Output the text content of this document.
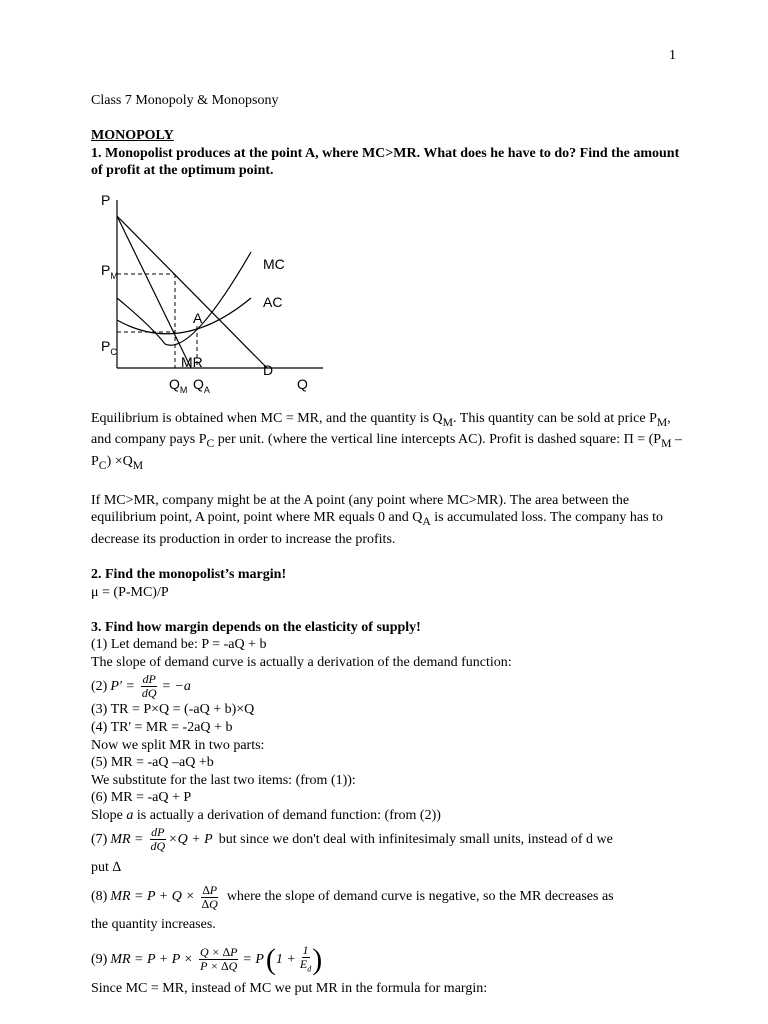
1

Class 7 Monopoly & Monopsony

MONOPOLY

1. Monopolist produces at the point A, where MC>MR. What does he have to do? Find the amount of profit at the optimum point.

P
$P_M$
$P_C$
MC
AC
A
MR	D
$Q_M$ $Q_A$	Q

Equilibrium is obtained when MC = MR, and the quantity is $Q_M$. This quantity can be sold at price $P_M$, and company pays $P_C$ per unit. (where the vertical line intercepts AC). Profit is dashed square: $\Pi = (P_M - P_C) \times Q_M$

If MC>MR, company might be at the A point (any point where MC>MR). The area between the equilibrium point, A point, point where MR equals 0 and $Q_A$ is accumulated loss. The company has to decrease its production in order to increase the profits.

2. Find the monopolist’s margin!

μ = (P-MC)/P

3. Find how margin depends on the elasticity of supply!

(1) Let demand be: P = -aQ + b

The slope of demand curve is actually a derivation of the demand function:

(2) $P' = \frac{dP}{dQ} = -a$

(3) TR = P×Q = (-aQ + b)×Q

(4) TR' = MR = -2aQ + b

Now we split MR in two parts:

(5) MR = -aQ –aQ +b

We substitute for the last two items: (from (1)):

(6) MR = -aQ + P

Slope a is actually a derivation of demand function: (from (2))

(7) MR = $\frac{dP}{dQ} \times Q + P$ but since we don't deal with infinitesimaly small units, instead of d we

put ∆

(8) MR = $P + Q \times \frac{\Delta P}{\Delta Q}$ where the slope of demand curve is negative, so the MR decreases as

the quantity increases.

(9) MR = $P + P \times \frac{Q \times \Delta P}{P \times \Delta Q} = P$ ( $1 + \frac{1}{E_d}$ )

Since MC = MR, instead of MC we put MR in the formula for margin:
